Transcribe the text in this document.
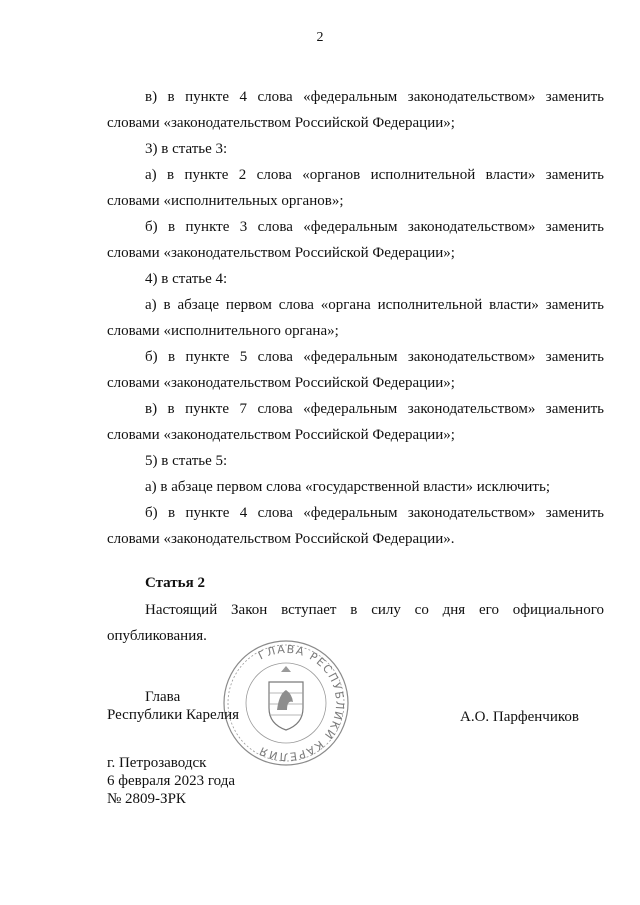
2

в) в пункте 4 слова «федеральным законодательством» заменить словами «законодательством Российской Федерации»;

3) в статье 3:

а) в пункте 2 слова «органов исполнительной власти» заменить словами «исполнительных органов»;

б) в пункте 3 слова «федеральным законодательством» заменить словами «законодательством Российской Федерации»;

4) в статье 4:

а) в абзаце первом слова «органа исполнительной власти» заменить словами «исполнительного органа»;

б) в пункте 5 слова «федеральным законодательством» заменить словами «законодательством Российской Федерации»;

в) в пункте 7 слова «федеральным законодательством» заменить словами «законодательством Российской Федерации»;

5) в статье 5:

а) в абзаце первом слова «государственной власти» исключить;

б) в пункте 4 слова «федеральным законодательством» заменить словами «законодательством Российской Федерации».

Статья 2

Настоящий Закон вступает в силу со дня его официального опубликования.

ГЛАВА РЕСПУБЛИКИ КАРЕЛИЯ
Глава
Республики Карелия	А.О. Парфенчиков
г. Петрозаводск
6 февраля 2023 года
№ 2809-ЗРК
